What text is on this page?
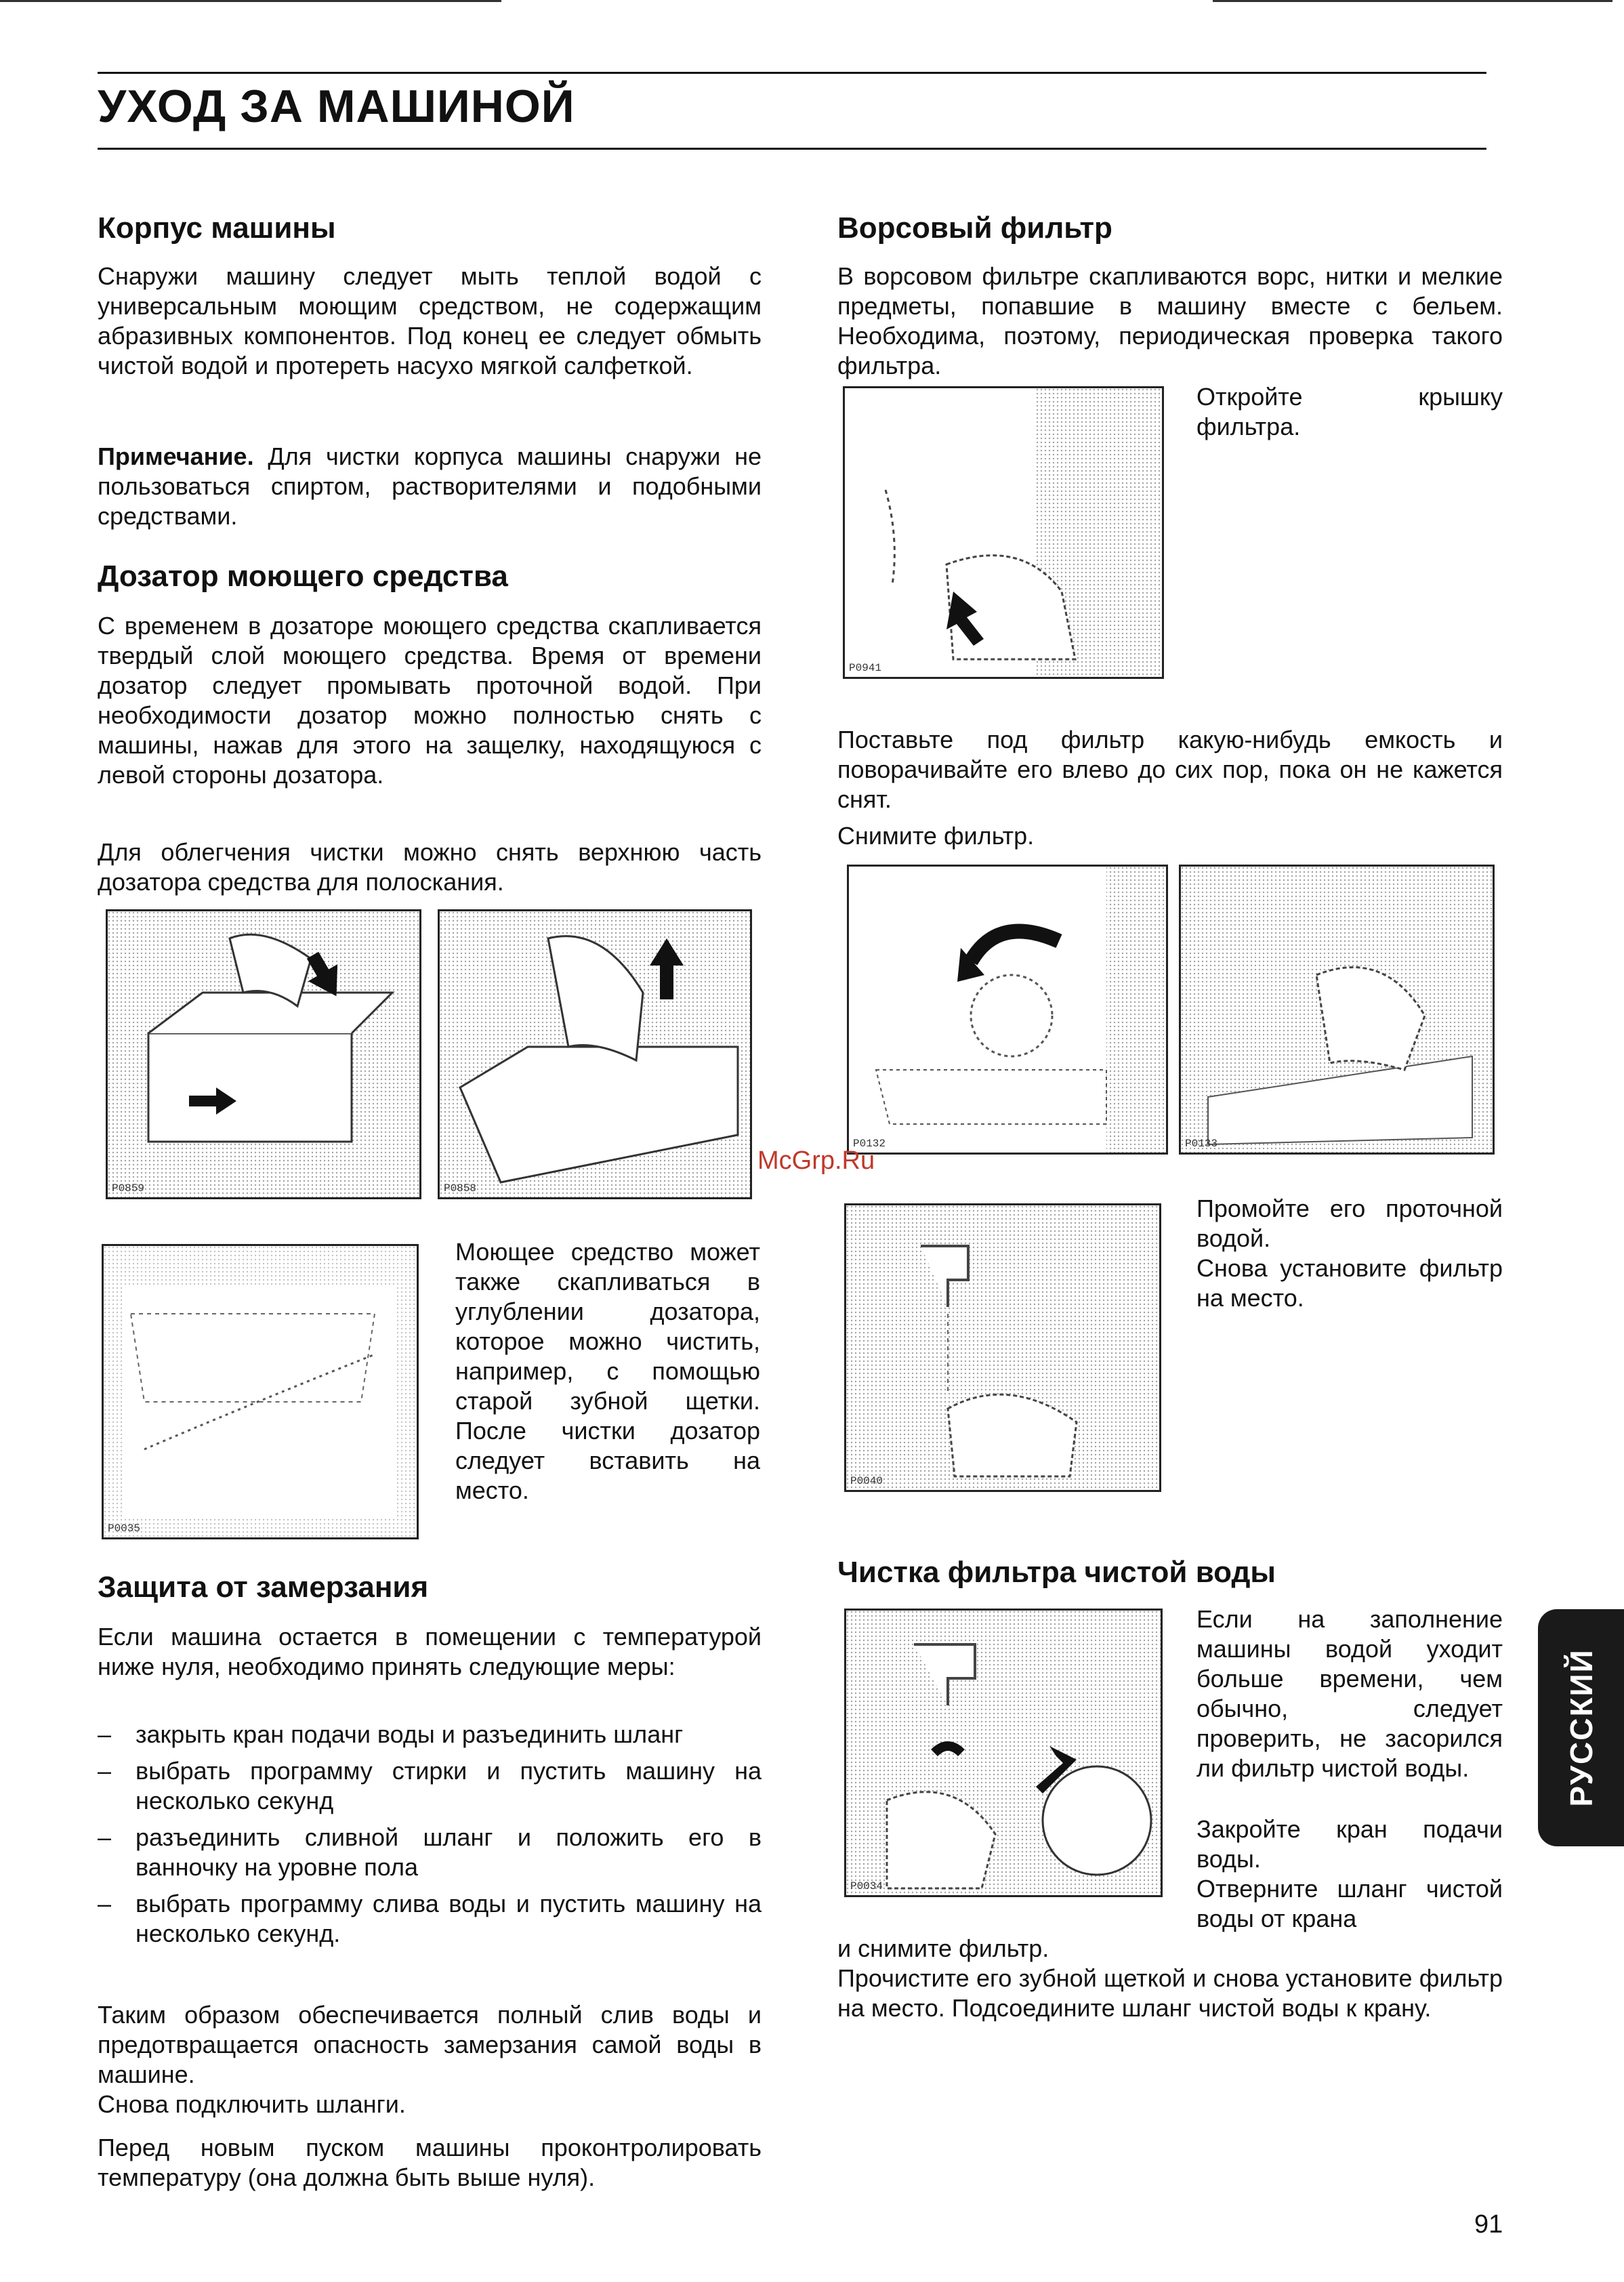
УХОД ЗА МАШИНОЙ
Корпус машины

Снаружи машину следует мыть теплой водой с универсальным моющим средством, не содержащим абразивных компонентов. Под конец ее следует обмыть чистой водой и протереть насухо мягкой салфеткой.

Примечание. Для чистки корпуса машины снаружи не пользоваться спиртом, растворителями и подобными средствами.

Дозатор моющего средства

С временем в дозаторе моющего средства скапливается твердый слой моющего средства. Время от времени дозатор следует промывать проточной водой. При необходимости дозатор можно полностью снять с машины, нажав для этого на защелку, находящуюся с левой стороны дозатора.

Для облегчения чистки можно снять верхнюю часть дозатора средства для полоскания.

P0859	P0858
P0035

Моющее средство может также скапливаться в углублении дозатора, которое можно чистить, например, с помощью старой зубной щетки. После чистки дозатор следует вставить на место.

Защита от замерзания

Если машина остается в помещении с температурой ниже нуля, необходимо принять следующие меры:

– закрыть кран подачи воды и разъединить шланг
– выбрать программу стирки и пустить машину на несколько секунд
– разъединить сливной шланг и положить его в ванночку на уровне пола
– выбрать программу слива воды и пустить машину на несколько секунд.

Таким образом обеспечивается полный слив воды и предотвращается опасность замерзания самой воды в машине.

Снова подключить шланги.

Перед новым пуском машины проконтролировать температуру (она должна быть выше нуля).

Ворсовый фильтр

В ворсовом фильтре скапливаются ворс, нитки и мелкие предметы, попавшие в машину вместе с бельем. Необходима, поэтому, периодическая проверка такого фильтра.

P0941

Откройте крышку фильтра.

Поставьте под фильтр какую-нибудь емкость и поворачивайте его влево до сих пор, пока он не кажется снят.

Снимите фильтр.

P0132	P0133
McGrp.Ru
P0040

Промойте его проточной водой.

Снова установите фильтр на место.

Чистка фильтра чистой воды
P0034

Если на заполнение машины водой уходит больше времени, чем обычно, следует проверить, не засорился ли фильтр чистой воды.

Закройте кран подачи воды.

Отверните шланг чистой воды от крана

и снимите фильтр.

Прочистите его зубной щеткой и снова установите фильтр на место. Подсоедините шланг чистой воды к крану.

РУССКИЙ
91
